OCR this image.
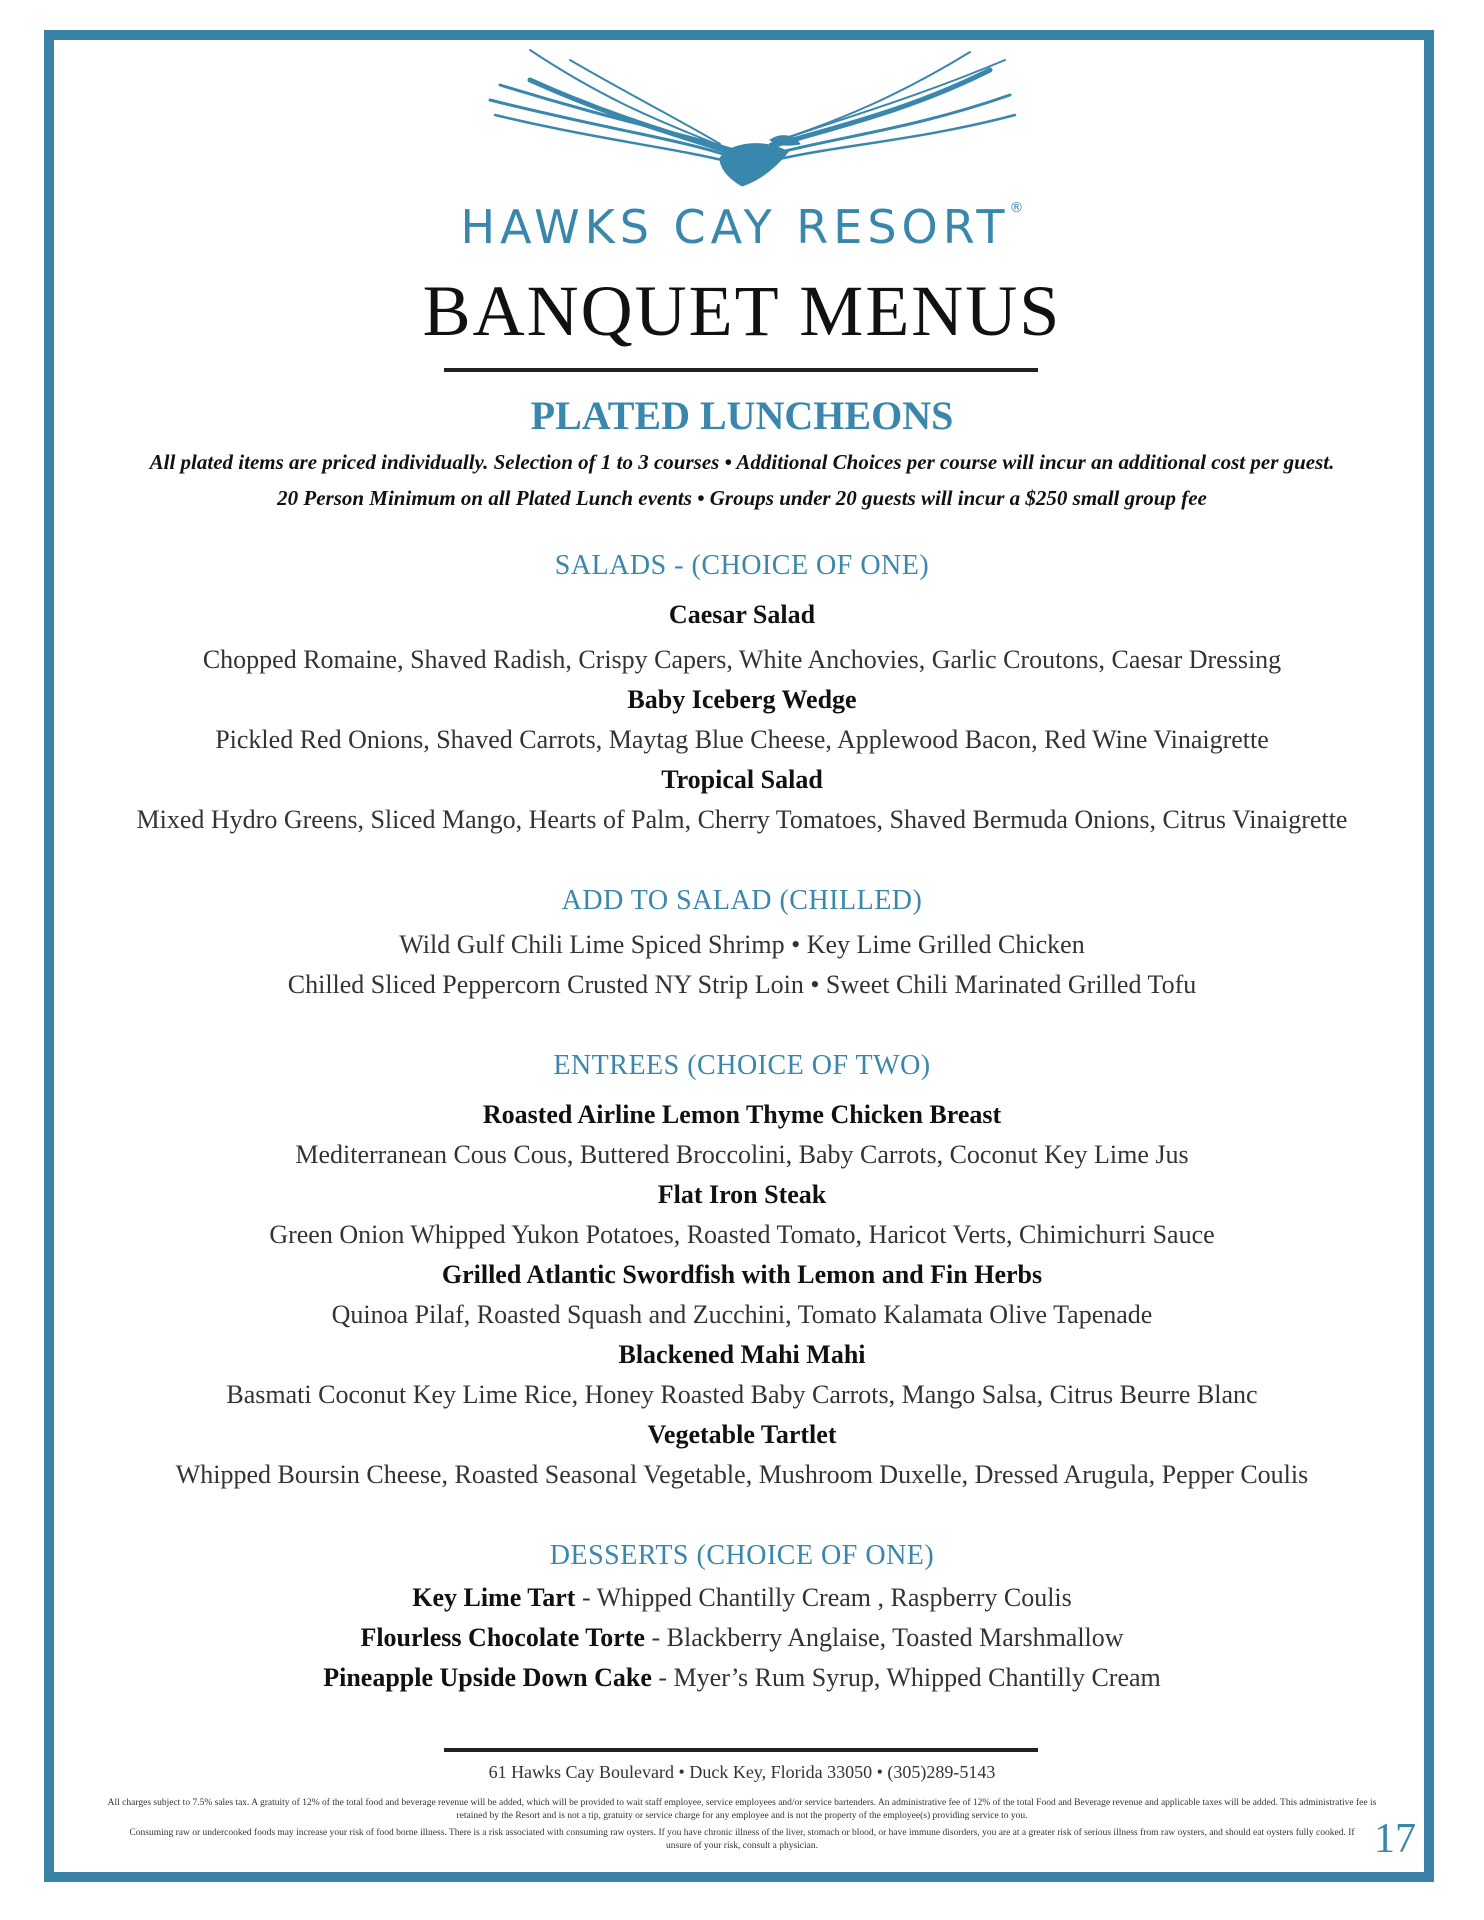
HAWKS CAY RESORT®
BANQUET MENUS
PLATED LUNCHEONS
All plated items are priced individually. Selection of 1 to 3 courses • Additional Choices per course will incur an additional cost per guest.
20 Person Minimum on all Plated Lunch events • Groups under 20 guests will incur a $250 small group fee
SALADS - (CHOICE OF ONE)
Caesar Salad
Chopped Romaine, Shaved Radish, Crispy Capers, White Anchovies, Garlic Croutons, Caesar Dressing
Baby Iceberg Wedge
Pickled Red Onions, Shaved Carrots, Maytag Blue Cheese, Applewood Bacon, Red Wine Vinaigrette
Tropical Salad
Mixed Hydro Greens, Sliced Mango, Hearts of Palm, Cherry Tomatoes, Shaved Bermuda Onions, Citrus Vinaigrette
ADD TO SALAD (CHILLED)
Wild Gulf Chili Lime Spiced Shrimp • Key Lime Grilled Chicken
Chilled Sliced Peppercorn Crusted NY Strip Loin • Sweet Chili Marinated Grilled Tofu
ENTREES (CHOICE OF TWO)
Roasted Airline Lemon Thyme Chicken Breast
Mediterranean Cous Cous, Buttered Broccolini, Baby Carrots, Coconut Key Lime Jus
Flat Iron Steak
Green Onion Whipped Yukon Potatoes, Roasted Tomato, Haricot Verts, Chimichurri Sauce
Grilled Atlantic Swordfish with Lemon and Fin Herbs
Quinoa Pilaf, Roasted Squash and Zucchini, Tomato Kalamata Olive Tapenade
Blackened Mahi Mahi
Basmati Coconut Key Lime Rice, Honey Roasted Baby Carrots, Mango Salsa, Citrus Beurre Blanc
Vegetable Tartlet
Whipped Boursin Cheese, Roasted Seasonal Vegetable, Mushroom Duxelle, Dressed Arugula, Pepper Coulis
DESSERTS (CHOICE OF ONE)
Key Lime Tart - Whipped Chantilly Cream , Raspberry Coulis
Flourless Chocolate Torte - Blackberry Anglaise, Toasted Marshmallow
Pineapple Upside Down Cake - Myer’s Rum Syrup, Whipped Chantilly Cream
61 Hawks Cay Boulevard • Duck Key, Florida 33050 • (305)289-5143
All charges subject to 7.5% sales tax. A gratuity of 12% of the total food and beverage revenue will be added, which will be provided to wait staff employee, service employees and/or service bartenders. An administrative fee of 12% of the total Food and Beverage revenue and applicable taxes will be added. This administrative fee is retained by the Resort and is not a tip, gratuity or service charge for any employee and is not the property of the employee(s) providing service to you.
Consuming raw or undercooked foods may increase your risk of food borne illness. There is a risk associated with consuming raw oysters. If you have chronic illness of the liver, stomach or blood, or have immune disorders, you are at a greater risk of serious illness from raw oysters, and should eat oysters fully cooked. If unsure of your risk, consult a physician.	17
